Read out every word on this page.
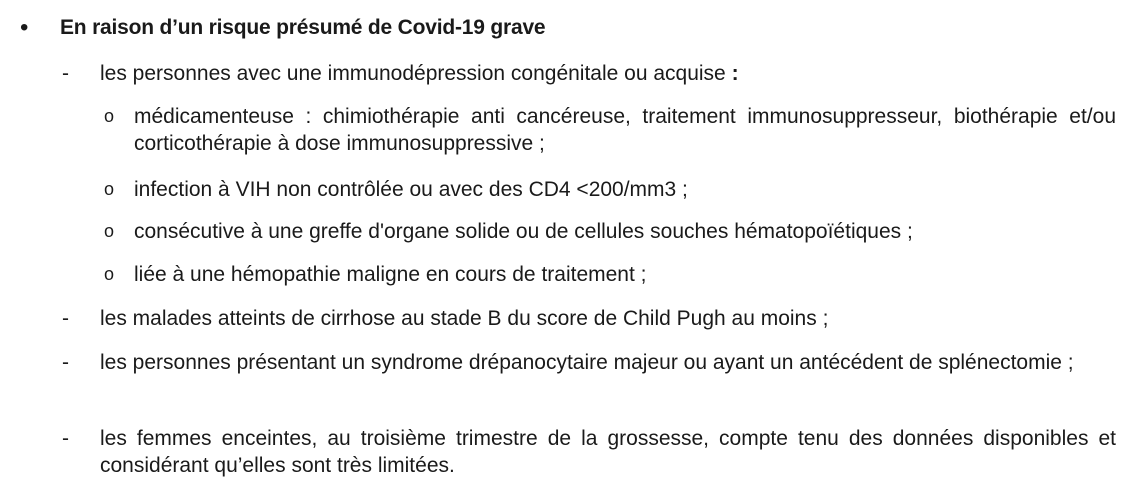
• En raison d’un risque présumé de Covid-19 grave
- les personnes avec une immunodépression congénitale ou acquise :
o médicamenteuse : chimiothérapie anti cancéreuse, traitement immunosuppresseur, biothérapie et/ou corticothérapie à dose immunosuppressive ;
o infection à VIH non contrôlée ou avec des CD4 <200/mm3 ;
o consécutive à une greffe d'organe solide ou de cellules souches hématopoïétiques ;
o liée à une hémopathie maligne en cours de traitement ;
- les malades atteints de cirrhose au stade B du score de Child Pugh au moins ;
- les personnes présentant un syndrome drépanocytaire majeur ou ayant un antécédent de splénectomie ;
- les femmes enceintes, au troisième trimestre de la grossesse, compte tenu des données disponibles et considérant qu’elles sont très limitées.
